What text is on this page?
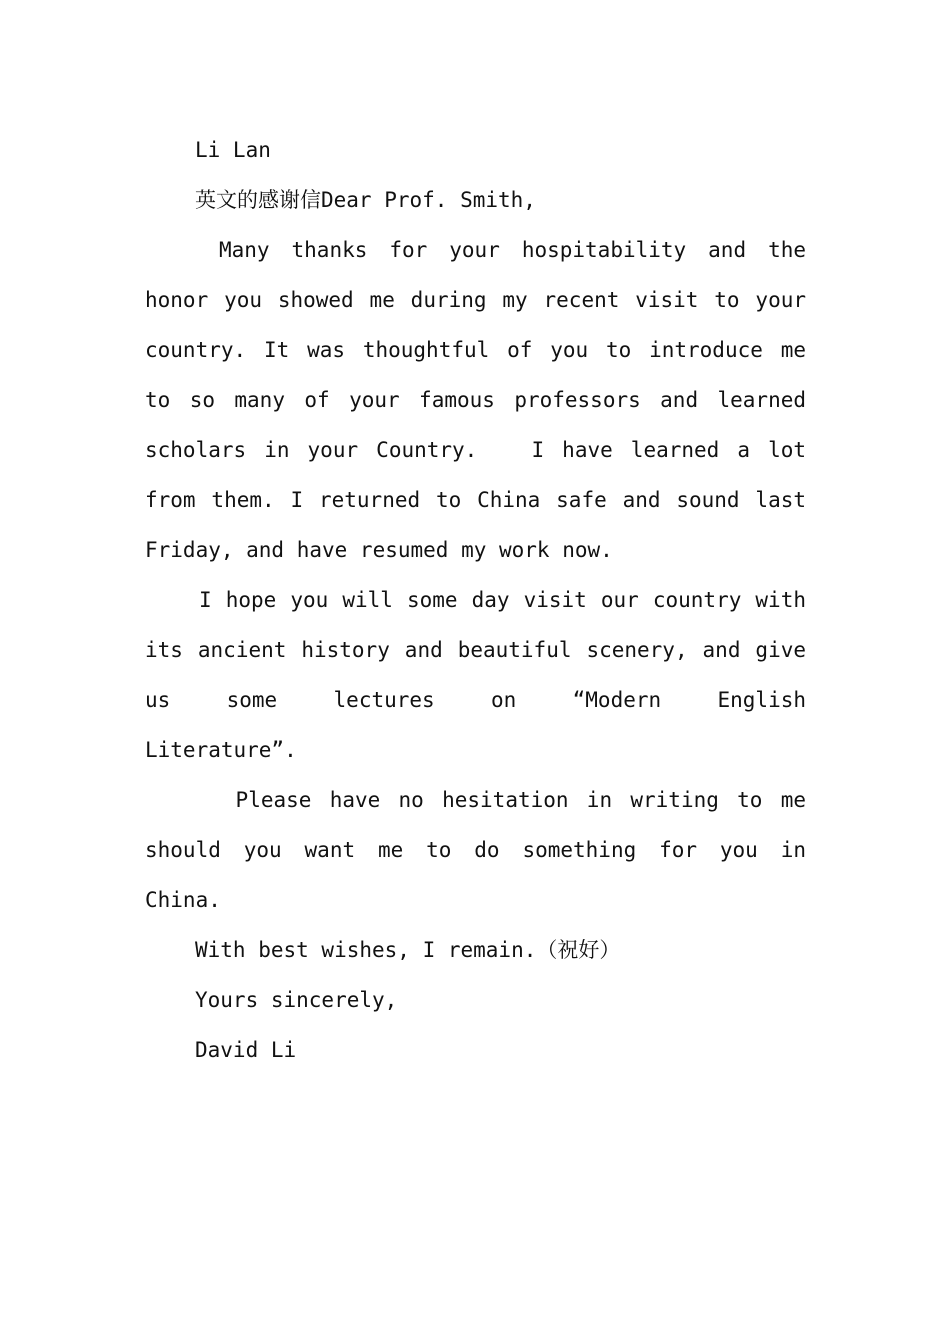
Li Lan
英文的感谢信Dear Prof. Smith,
Many thanks for your hospitability and the
honor you showed me during my recent visit to your
country. It was thoughtful of you to introduce me
to so many of your famous professors and learned
scholars in your Country.   I have learned a lot
from them. I returned to China safe and sound last
Friday, and have resumed my work now.
I hope you will some day visit our country with
its ancient history and beautiful scenery, and give
us some lectures on “Modern English
Literature”.
Please have no hesitation in writing to me
should you want me to do something for you in
China.
With best wishes, I remain.（祝好）
Yours sincerely,
David Li
